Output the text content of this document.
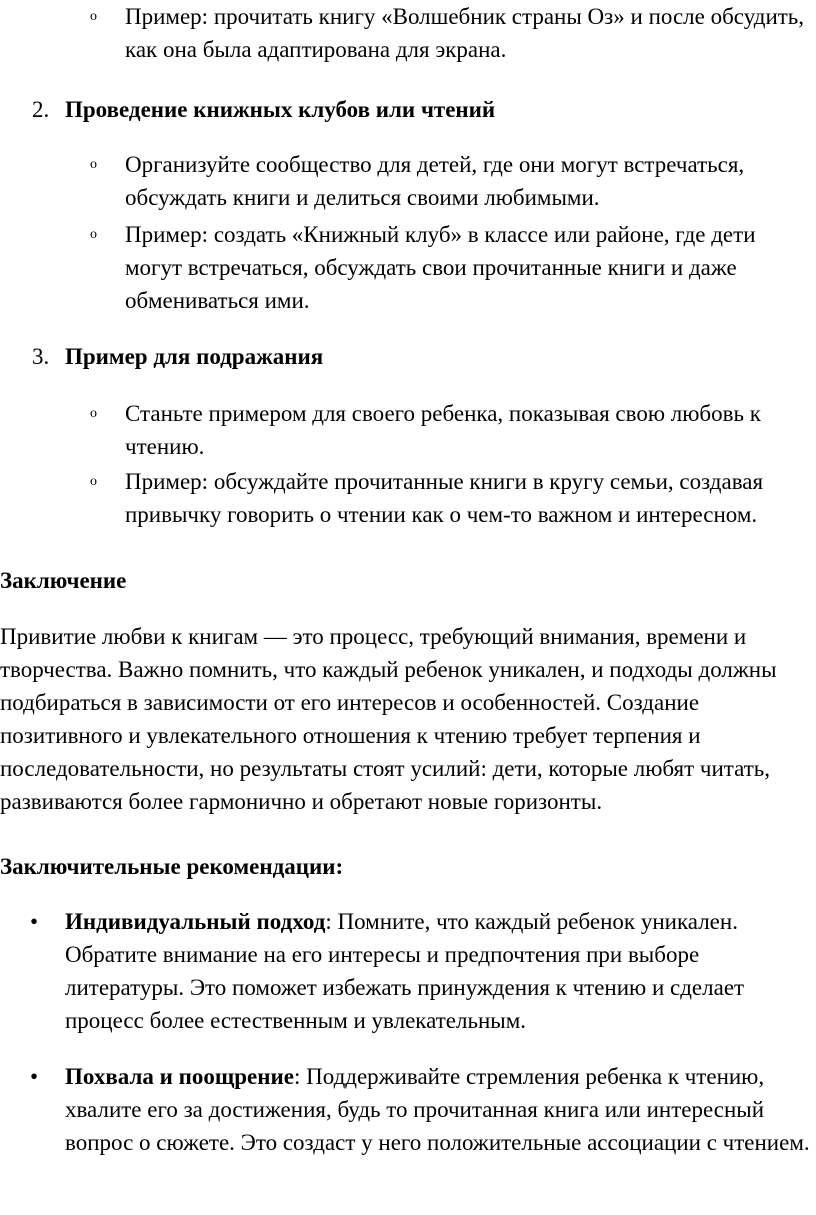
o Пример: прочитать книгу «Волшебник страны Оз» и после обсудить, как она была адаптирована для экрана.
2. Проведение книжных клубов или чтений
o Организуйте сообщество для детей, где они могут встречаться, обсуждать книги и делиться своими любимыми.
o Пример: создать «Книжный клуб» в классе или районе, где дети могут встречаться, обсуждать свои прочитанные книги и даже обмениваться ими.
3. Пример для подражания
o Станьте примером для своего ребенка, показывая свою любовь к чтению.
o Пример: обсуждайте прочитанные книги в кругу семьи, создавая привычку говорить о чтении как о чем-то важном и интересном.
Заключение
Привитие любви к книгам — это процесс, требующий внимания, времени и творчества. Важно помнить, что каждый ребенок уникален, и подходы должны подбираться в зависимости от его интересов и особенностей. Создание позитивного и увлекательного отношения к чтению требует терпения и последовательности, но результаты стоят усилий: дети, которые любят читать, развиваются более гармонично и обретают новые горизонты.
Заключительные рекомендации:
• Индивидуальный подход: Помните, что каждый ребенок уникален. Обратите внимание на его интересы и предпочтения при выборе литературы. Это поможет избежать принуждения к чтению и сделает процесс более естественным и увлекательным.
• Похвала и поощрение: Поддерживайте стремления ребенка к чтению, хвалите его за достижения, будь то прочитанная книга или интересный вопрос о сюжете. Это создаст у него положительные ассоциации с чтением.
